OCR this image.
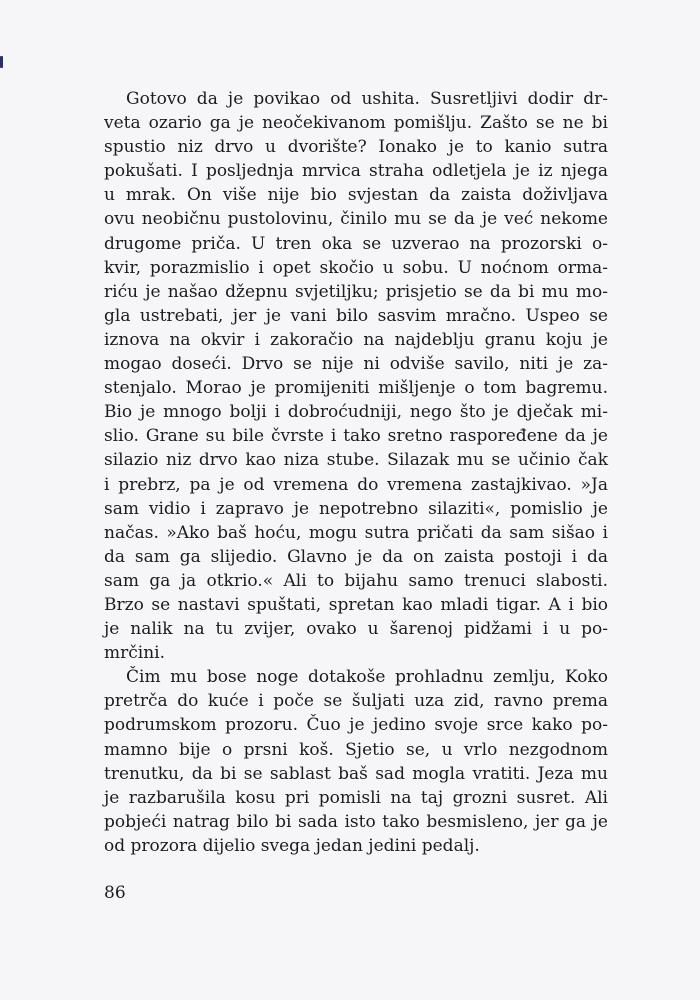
Gotovo da je povikao od ushita. Susretljivi dodir dr-
veta ozario ga je neočekivanom pomišlju. Zašto se ne bi
spustio niz drvo u dvorište? Ionako je to kanio sutra
pokušati. I posljednja mrvica straha odletjela je iz njega
u mrak. On više nije bio svjestan da zaista doživljava
ovu neobičnu pustolovinu, činilo mu se da je već nekome
drugome priča. U tren oka se uzverao na prozorski o-
kvir, porazmislio i opet skočio u sobu. U noćnom orma-
riću je našao džepnu svjetiljku; prisjetio se da bi mu mo-
gla ustrebati, jer je vani bilo sasvim mračno. Uspeo se
iznova na okvir i zakoračio na najdeblju granu koju je
mogao doseći. Drvo se nije ni odviše savilo, niti je za-
stenjalo. Morao je promijeniti mišljenje o tom bagremu.
Bio je mnogo bolji i dobroćudniji, nego što je dječak mi-
slio. Grane su bile čvrste i tako sretno raspoređene da je
silazio niz drvo kao niza stube. Silazak mu se učinio čak
i prebrz, pa je od vremena do vremena zastajkivao. »Ja
sam vidio i zapravo je nepotrebno silaziti«, pomislio je
načas. »Ako baš hoću, mogu sutra pričati da sam sišao i
da sam ga slijedio. Glavno je da on zaista postoji i da
sam ga ja otkrio.« Ali to bijahu samo trenuci slabosti.
Brzo se nastavi spuštati, spretan kao mladi tigar. A i bio
je nalik na tu zvijer, ovako u šarenoj pidžami i u po-
mrčini.
Čim mu bose noge dotakoše prohladnu zemlju, Koko
pretrča do kuće i poče se šuljati uza zid, ravno prema
podrumskom prozoru. Čuo je jedino svoje srce kako po-
mamno bije o prsni koš. Sjetio se, u vrlo nezgodnom
trenutku, da bi se sablast baš sad mogla vratiti. Jeza mu
je razbarušila kosu pri pomisli na taj grozni susret. Ali
pobjeći natrag bilo bi sada isto tako besmisleno, jer ga je
od prozora dijelio svega jedan jedini pedalj.
86
